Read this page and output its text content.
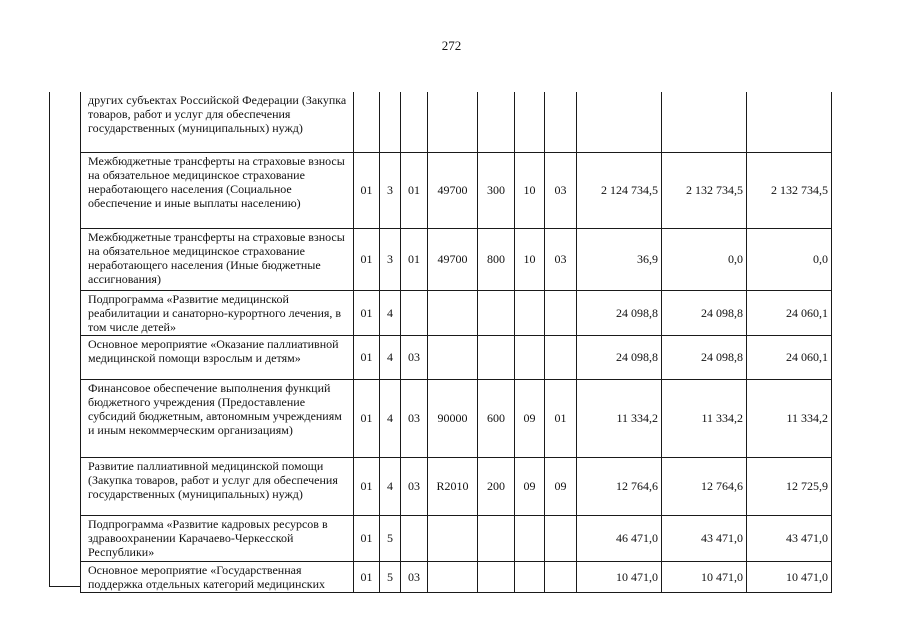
272
других субъектах Российской Федерации (Закупка товаров, работ и услуг для обеспечения государственных (муниципальных) нужд)										
Межбюджетные трансферты на страховые взносы на обязательное медицинское страхование неработающего населения (Социальное обеспечение и иные выплаты населению)	01	3	01	49700	300	10	03	2 124 734,5	2 132 734,5	2 132 734,5
Межбюджетные трансферты на страховые взносы на обязательное медицинское страхование неработающего населения (Иные бюджетные ассигнования)	01	3	01	49700	800	10	03	36,9	0,0	0,0
Подпрограмма «Развитие медицинской реабилитации и санаторно-курортного лечения, в том числе детей»	01	4						24 098,8	24 098,8	24 060,1
Основное мероприятие «Оказание паллиативной медицинской помощи взрослым и детям»	01	4	03					24 098,8	24 098,8	24 060,1
Финансовое обеспечение выполнения функций бюджетного учреждения (Предоставление субсидий бюджетным, автономным учреждениям и иным некоммерческим организациям)	01	4	03	90000	600	09	01	11 334,2	11 334,2	11 334,2
Развитие паллиативной медицинской помощи (Закупка товаров, работ и услуг для обеспечения государственных (муниципальных) нужд)	01	4	03	R2010	200	09	09	12 764,6	12 764,6	12 725,9
Подпрограмма «Развитие кадровых ресурсов в здравоохранении Карачаево-Черкесской Республики»	01	5						46 471,0	43 471,0	43 471,0
Основное мероприятие «Государственная поддержка отдельных категорий медицинских	01	5	03					10 471,0	10 471,0	10 471,0
